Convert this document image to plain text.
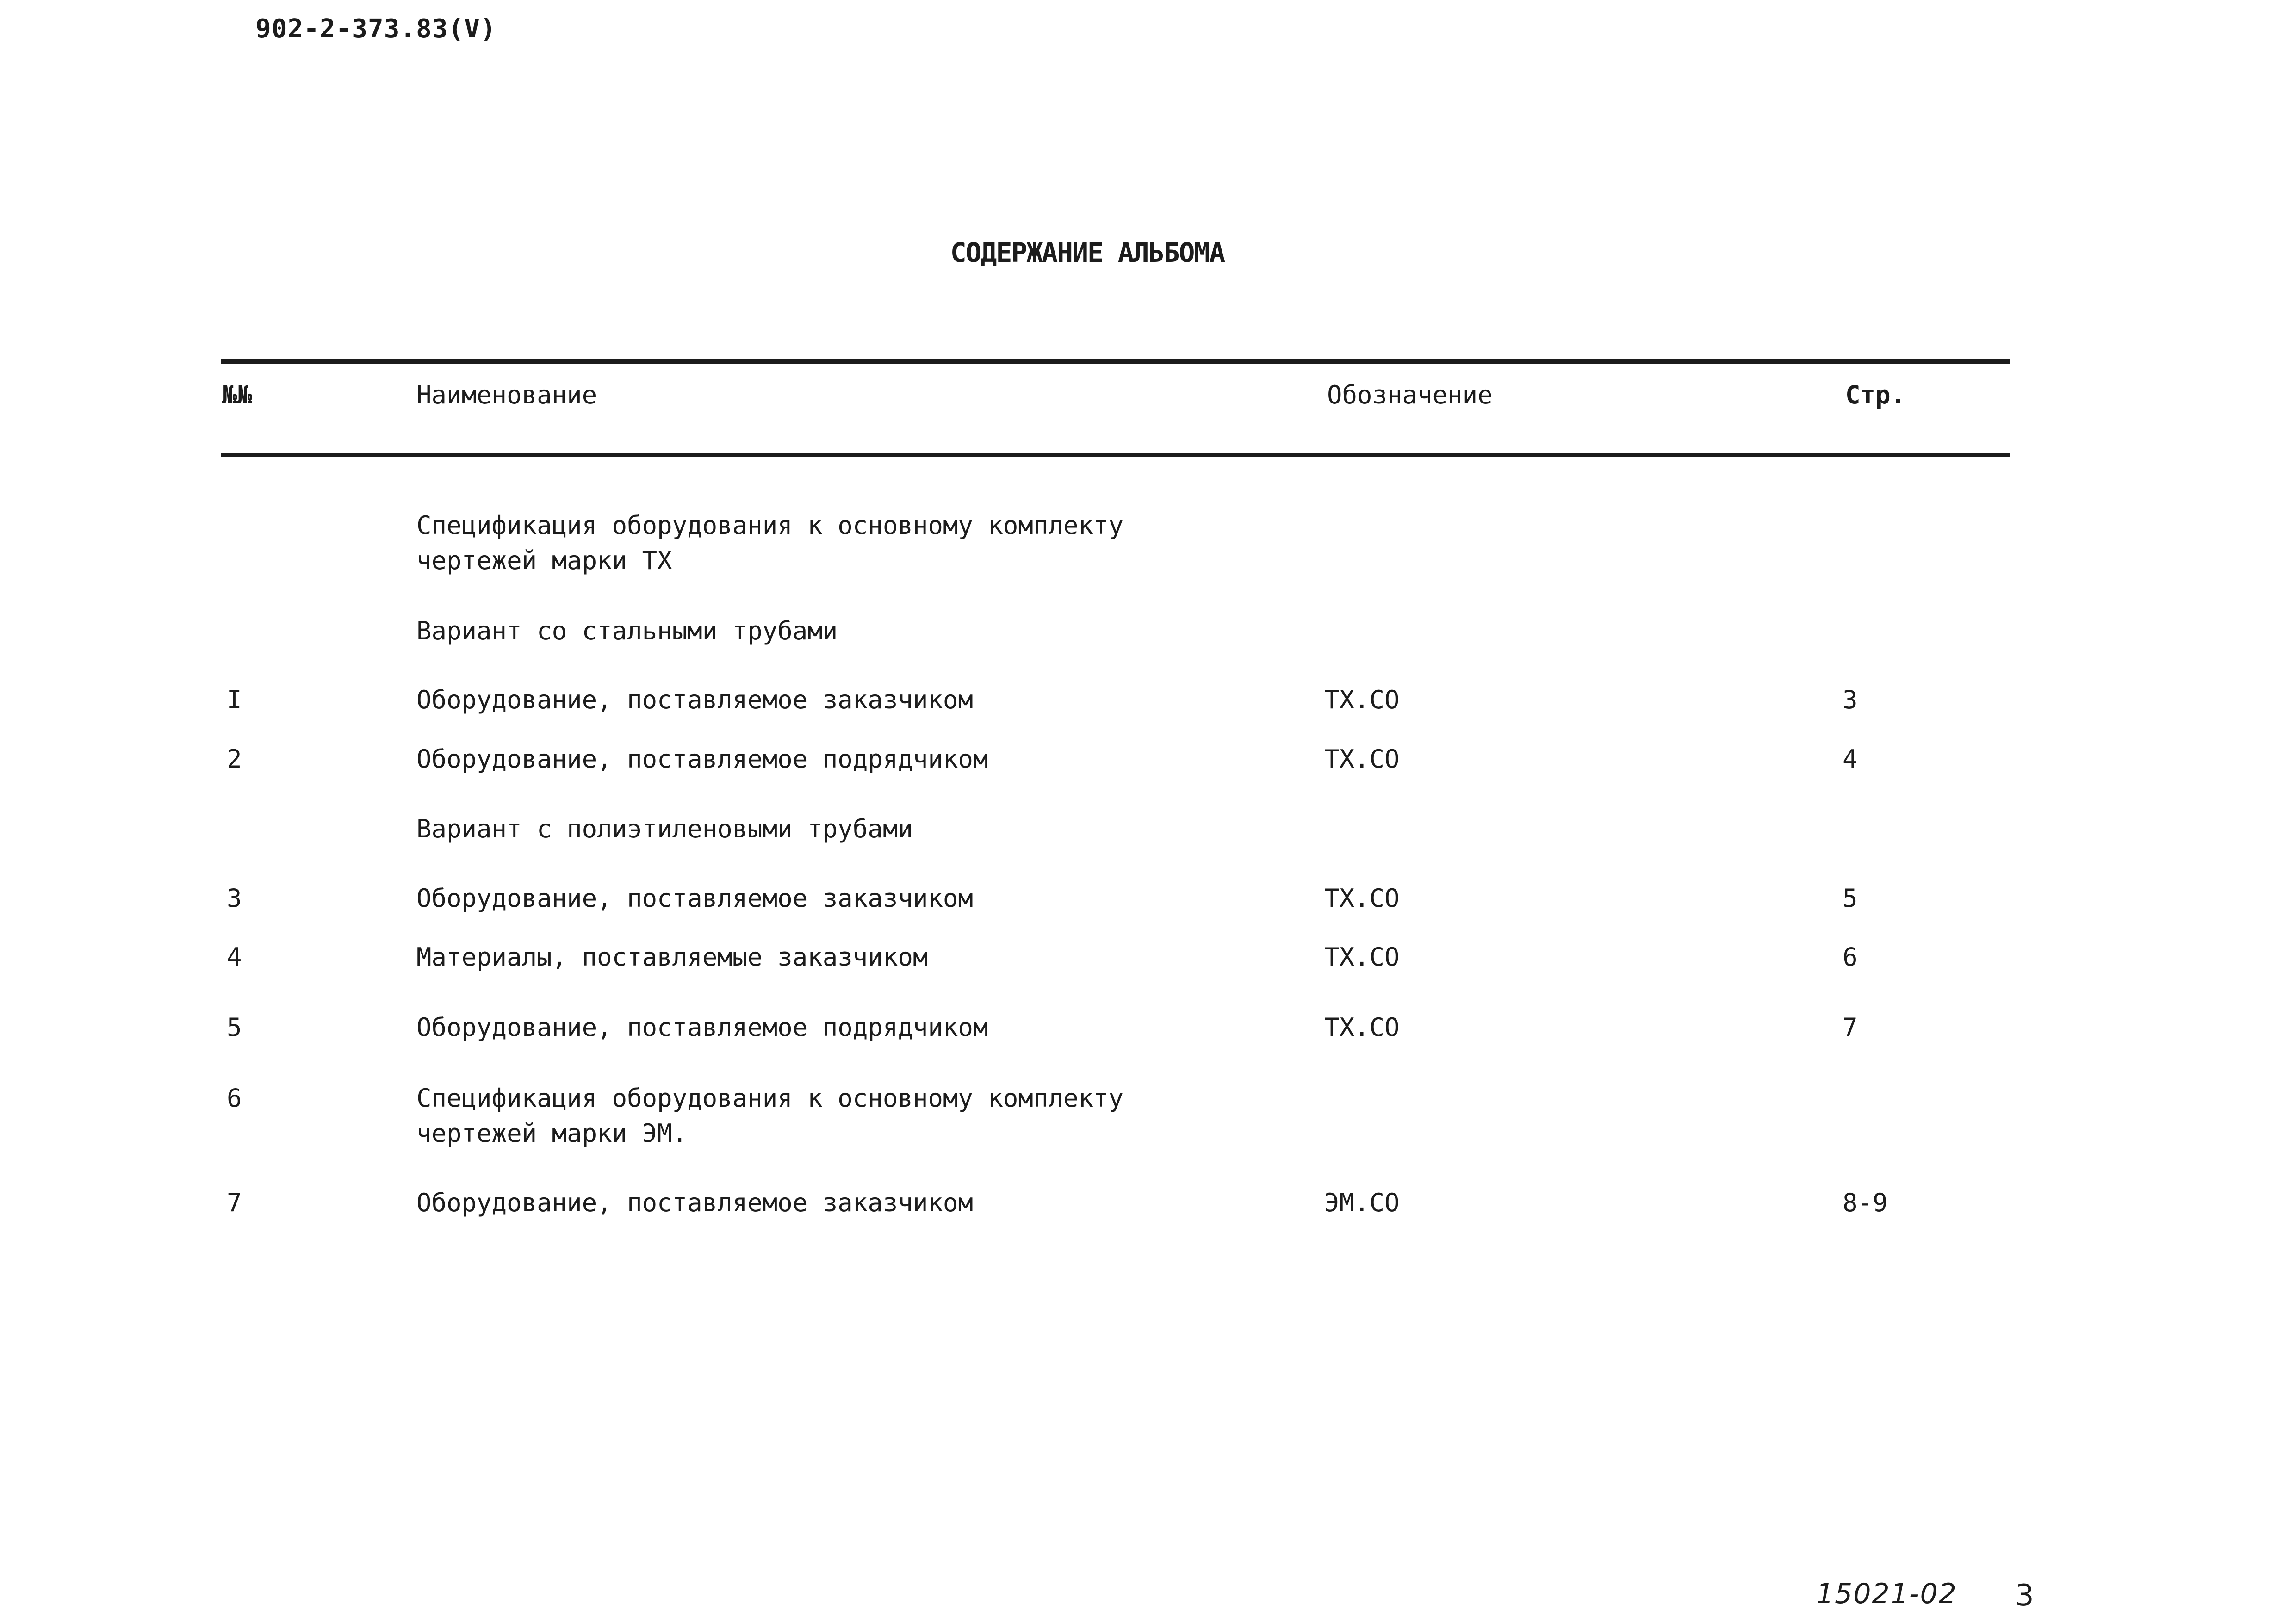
902-2-373.83(V)
СОДЕРЖАНИЕ АЛЬБОМА
№№	Наименование	Обозначение	Стр.
Спецификация оборудования к основному комплекту
чертежей марки ТХ
Вариант со стальными трубами
I	Оборудование, поставляемое заказчиком	ТХ.СО	3
2	Оборудование, поставляемое подрядчиком	ТХ.СО	4
Вариант с полиэтиленовыми трубами
3	Оборудование, поставляемое заказчиком	ТХ.СО	5
4	Материалы, поставляемые заказчиком	ТХ.СО	6
5	Оборудование, поставляемое подрядчиком	ТХ.СО	7
6	Спецификация оборудования к основному комплекту
чертежей марки ЭМ.
7	Оборудование, поставляемое заказчиком	ЭМ.СО	8-9
15021-02 3
